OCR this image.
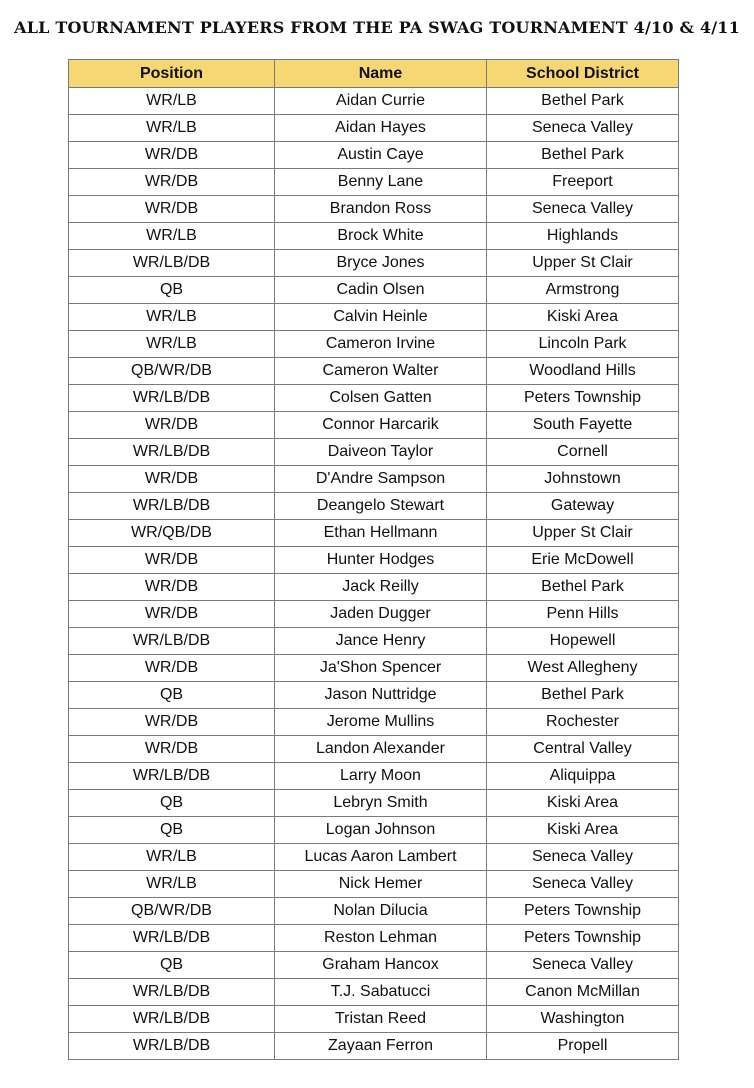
ALL TOURNAMENT PLAYERS FROM THE PA SWAG TOURNAMENT 4/10 & 4/11
Position	Name	School District
WR/LB	Aidan Currie	Bethel Park
WR/LB	Aidan Hayes	Seneca Valley
WR/DB	Austin Caye	Bethel Park
WR/DB	Benny Lane	Freeport
WR/DB	Brandon Ross	Seneca Valley
WR/LB	Brock White	Highlands
WR/LB/DB	Bryce Jones	Upper St Clair
QB	Cadin Olsen	Armstrong
WR/LB	Calvin Heinle	Kiski Area
WR/LB	Cameron Irvine	Lincoln Park
QB/WR/DB	Cameron Walter	Woodland Hills
WR/LB/DB	Colsen Gatten	Peters Township
WR/DB	Connor Harcarik	South Fayette
WR/LB/DB	Daiveon Taylor	Cornell
WR/DB	D'Andre Sampson	Johnstown
WR/LB/DB	Deangelo Stewart	Gateway
WR/QB/DB	Ethan Hellmann	Upper St Clair
WR/DB	Hunter Hodges	Erie McDowell
WR/DB	Jack Reilly	Bethel Park
WR/DB	Jaden Dugger	Penn Hills
WR/LB/DB	Jance Henry	Hopewell
WR/DB	Ja'Shon Spencer	West Allegheny
QB	Jason Nuttridge	Bethel Park
WR/DB	Jerome Mullins	Rochester
WR/DB	Landon Alexander	Central Valley
WR/LB/DB	Larry Moon	Aliquippa
QB	Lebryn Smith	Kiski Area
QB	Logan Johnson	Kiski Area
WR/LB	Lucas Aaron Lambert	Seneca Valley
WR/LB	Nick Hemer	Seneca Valley
QB/WR/DB	Nolan Dilucia	Peters Township
WR/LB/DB	Reston Lehman	Peters Township
QB	Graham Hancox	Seneca Valley
WR/LB/DB	T.J. Sabatucci	Canon McMillan
WR/LB/DB	Tristan Reed	Washington
WR/LB/DB	Zayaan Ferron	Propell
